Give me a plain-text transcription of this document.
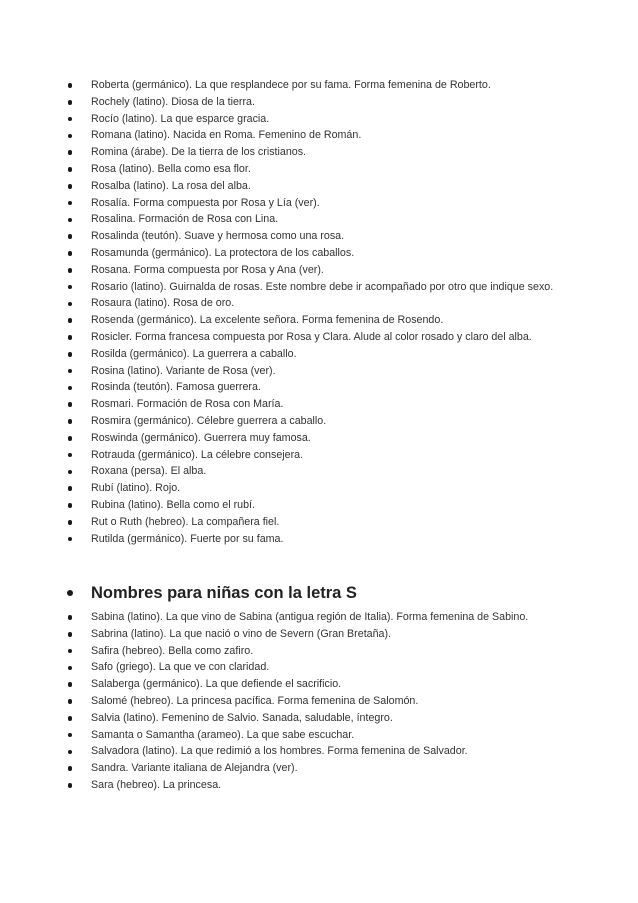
Roberta (germánico). La que resplandece por su fama. Forma femenina de Roberto.
Rochely (latino). Diosa de la tierra.
Rocío (latino). La que esparce gracia.
Romana (latino). Nacida en Roma. Femenino de Román.
Romina (árabe). De la tierra de los cristianos.
Rosa (latino). Bella como esa flor.
Rosalba (latino). La rosa del alba.
Rosalía. Forma compuesta por Rosa y Lía (ver).
Rosalina. Formación de Rosa con Lina.
Rosalinda (teutón). Suave y hermosa como una rosa.
Rosamunda (germánico). La protectora de los caballos.
Rosana. Forma compuesta por Rosa y Ana (ver).
Rosario (latino). Guirnalda de rosas. Este nombre debe ir acompañado por otro que indique sexo.
Rosaura (latino). Rosa de oro.
Rosenda (germánico). La excelente señora. Forma femenina de Rosendo.
Rosicler. Forma francesa compuesta por Rosa y Clara. Alude al color rosado y claro del alba.
Rosilda (germánico). La guerrera a caballo.
Rosina (latino). Variante de Rosa (ver).
Rosinda (teutón). Famosa guerrera.
Rosmari. Formación de Rosa con María.
Rosmira (germánico). Célebre guerrera a caballo.
Roswinda (germánico). Guerrera muy famosa.
Rotrauda (germánico). La célebre consejera.
Roxana (persa). El alba.
Rubí (latino). Rojo.
Rubina (latino). Bella como el rubí.
Rut o Ruth (hebreo). La compañera fiel.
Rutilda (germánico). Fuerte por su fama.
Nombres para niñas con la letra S
Sabina (latino). La que vino de Sabina (antigua región de Italia). Forma femenina de Sabino.
Sabrina (latino). La que nació o vino de Severn (Gran Bretaña).
Safira (hebreo). Bella como zafiro.
Safo (griego). La que ve con claridad.
Salaberga (germánico). La que defiende el sacrificio.
Salomé (hebreo). La princesa pacífica. Forma femenina de Salomón.
Salvia (latino). Femenino de Salvio. Sanada, saludable, íntegro.
Samanta o Samantha (arameo). La que sabe escuchar.
Salvadora (latino). La que redimió a los hombres. Forma femenina de Salvador.
Sandra. Variante italiana de Alejandra (ver).
Sara (hebreo). La princesa.
